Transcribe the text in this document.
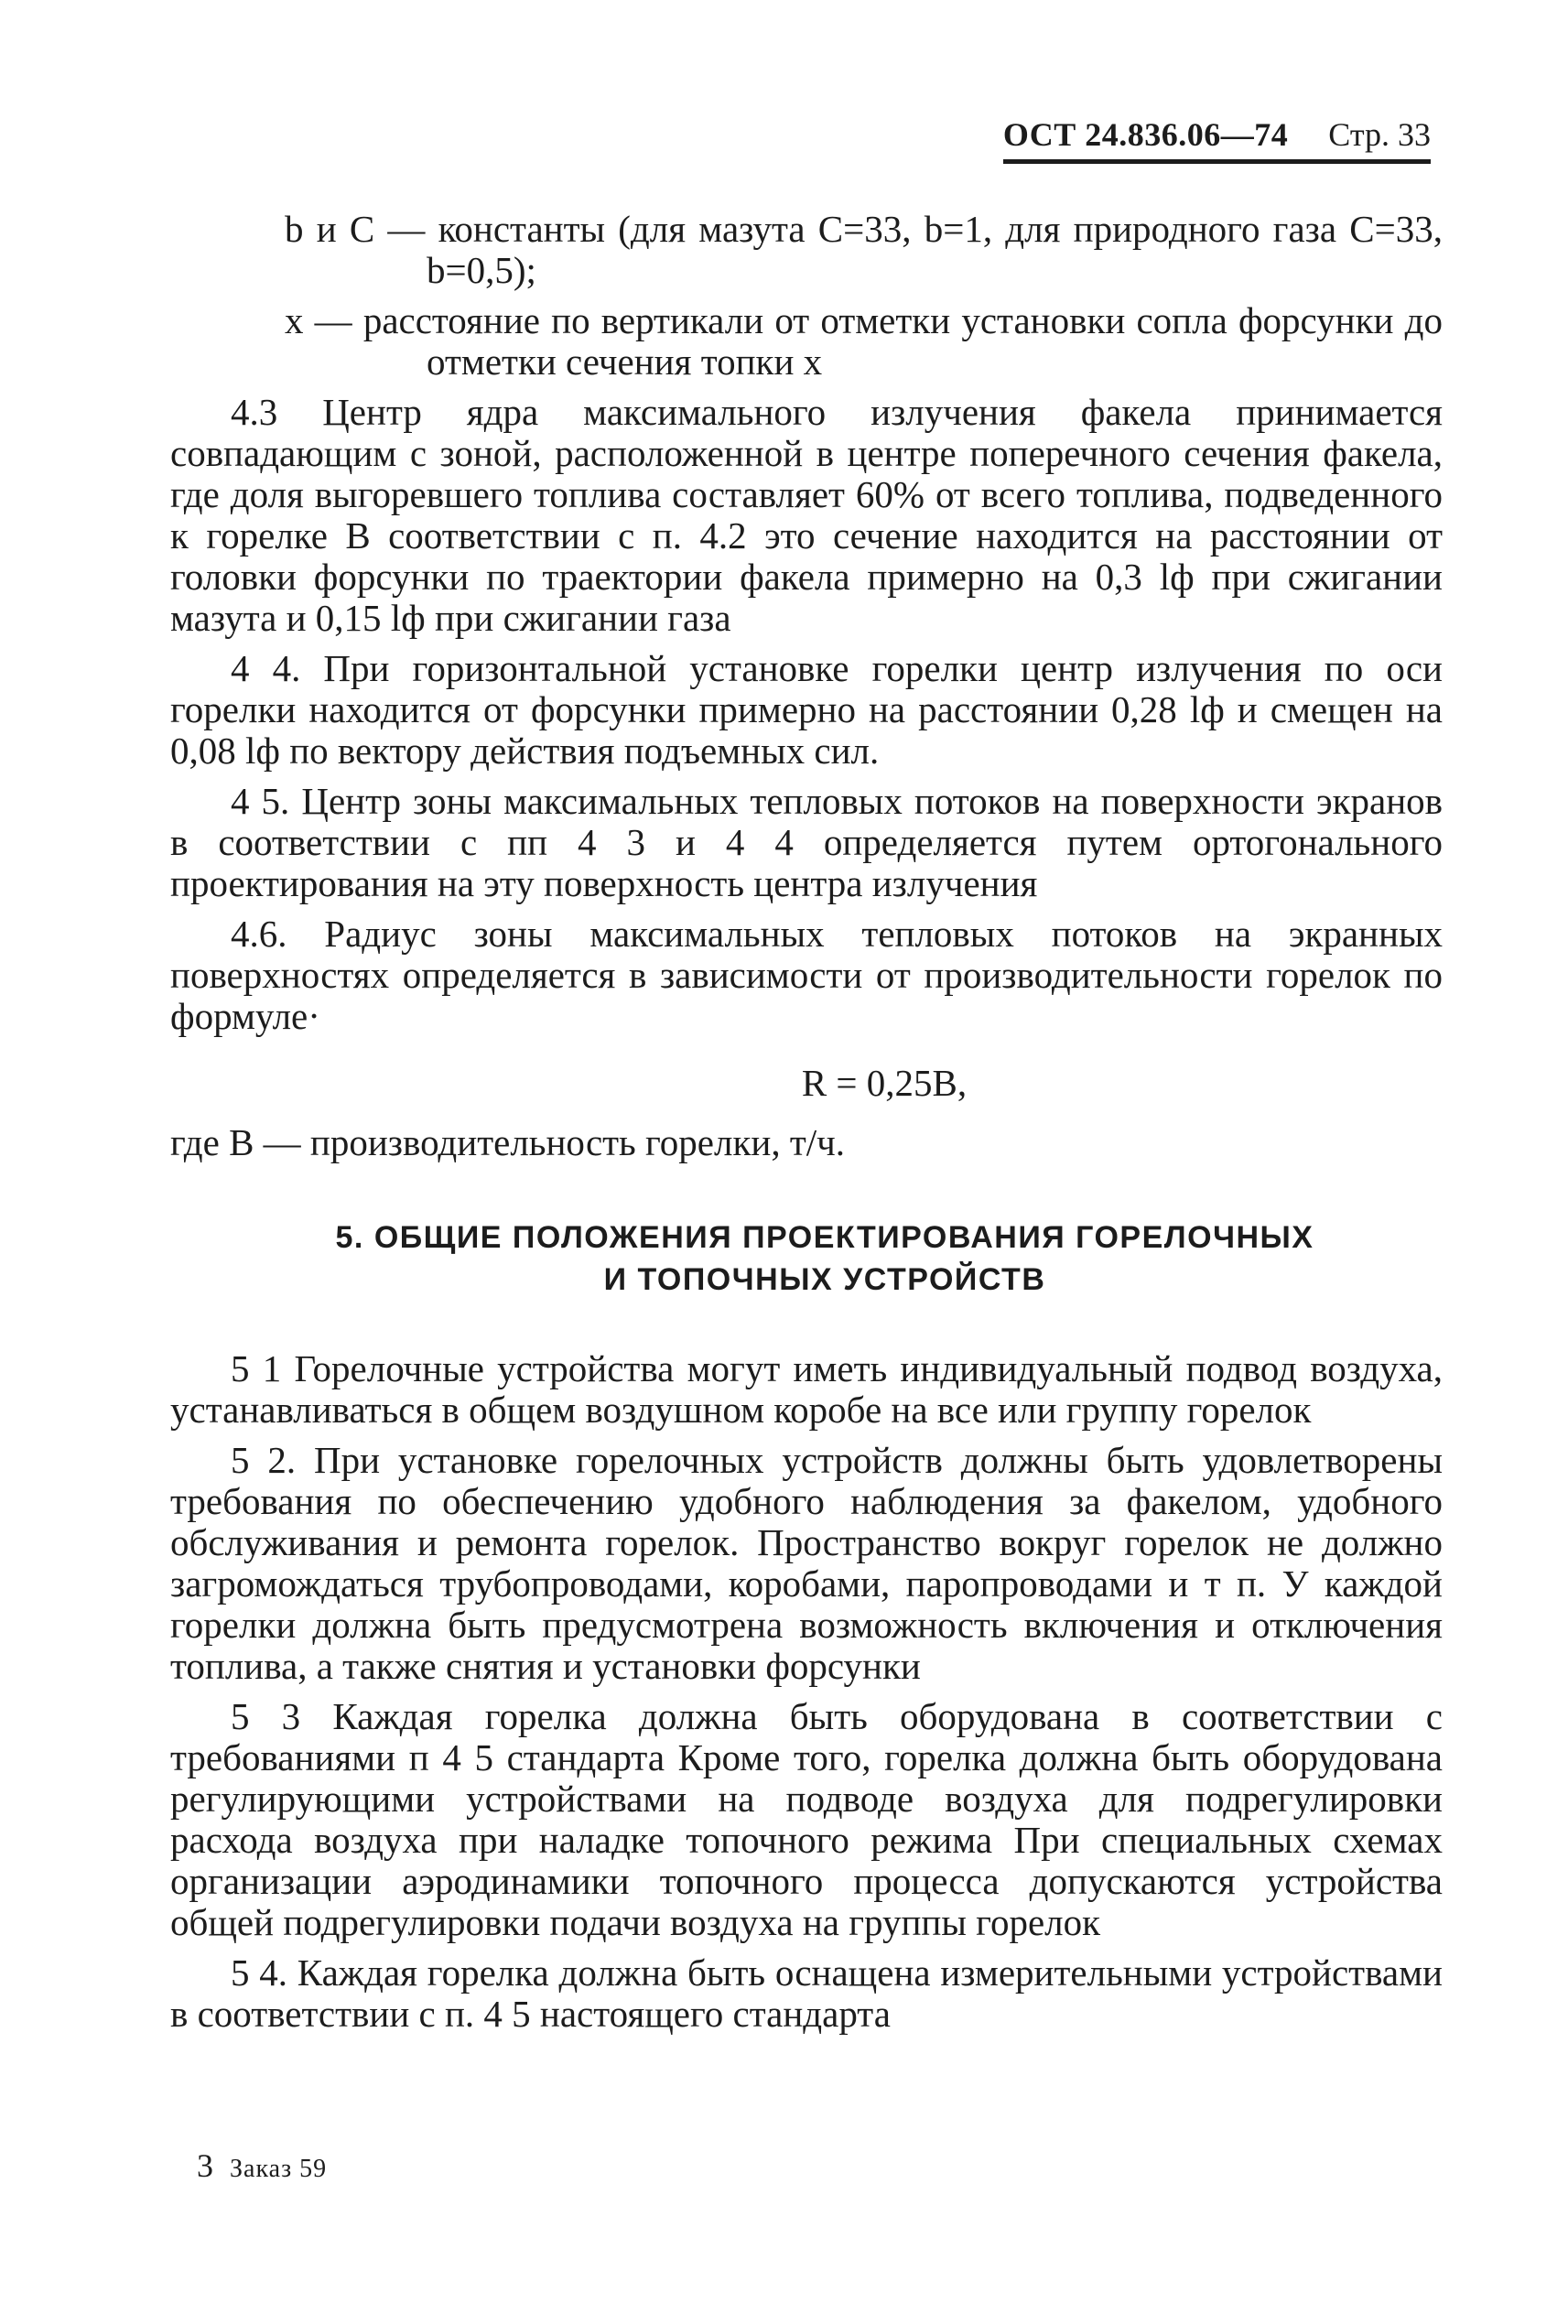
ОСТ 24.836.06—74 Стр. 33

b и C — константы (для мазута C=33, b=1, для природного газа C=33, b=0,5);

x — расстояние по вертикали от отметки установки сопла форсунки до отметки сечения топки x

4.3 Центр ядра максимального излучения факела принимается совпадающим с зоной, расположенной в центре поперечного сечения факела, где доля выгоревшего топлива составляет 60% от всего топлива, подведенного к горелке В соответствии с п. 4.2 это сечение находится на расстоянии от головки форсунки по траектории факела примерно на 0,3 lф при сжигании мазута и 0,15 lф при сжигании газа

4 4. При горизонтальной установке горелки центр излучения по оси горелки находится от форсунки примерно на расстоянии 0,28 lф и смещен на 0,08 lф по вектору действия подъемных сил.

4 5. Центр зоны максимальных тепловых потоков на поверхности экранов в соответствии с пп 4 3 и 4 4 определяется путем ортогонального проектирования на эту поверхность центра излучения

4.6. Радиус зоны максимальных тепловых потоков на экранных поверхностях определяется в зависимости от производительности горелок по формуле·

R = 0,25B,

где B — производительность горелки, т/ч.

5. ОБЩИЕ ПОЛОЖЕНИЯ ПРОЕКТИРОВАНИЯ ГОРЕЛОЧНЫХ
И ТОПОЧНЫХ УСТРОЙСТВ

5 1 Горелочные устройства могут иметь индивидуальный подвод воздуха, устанавливаться в общем воздушном коробе на все или группу горелок

5 2. При установке горелочных устройств должны быть удовлетворены требования по обеспечению удобного наблюдения за факелом, удобного обслуживания и ремонта горелок. Пространство вокруг горелок не должно загромождаться трубопроводами, коробами, паропроводами и т п. У каждой горелки должна быть предусмотрена возможность включения и отключения топлива, а также снятия и установки форсунки

5 3 Каждая горелка должна быть оборудована в соответствии с требованиями п 4 5 стандарта Кроме того, горелка должна быть оборудована регулирующими устройствами на подводе воздуха для подрегулировки расхода воздуха при наладке топочного режима При специальных схемах организации аэродинамики топочного процесса допускаются устройства общей подрегулировки подачи воздуха на группы горелок

5 4. Каждая горелка должна быть оснащена измерительными устройствами в соответствии с п. 4 5 настоящего стандарта

3 Заказ 59
